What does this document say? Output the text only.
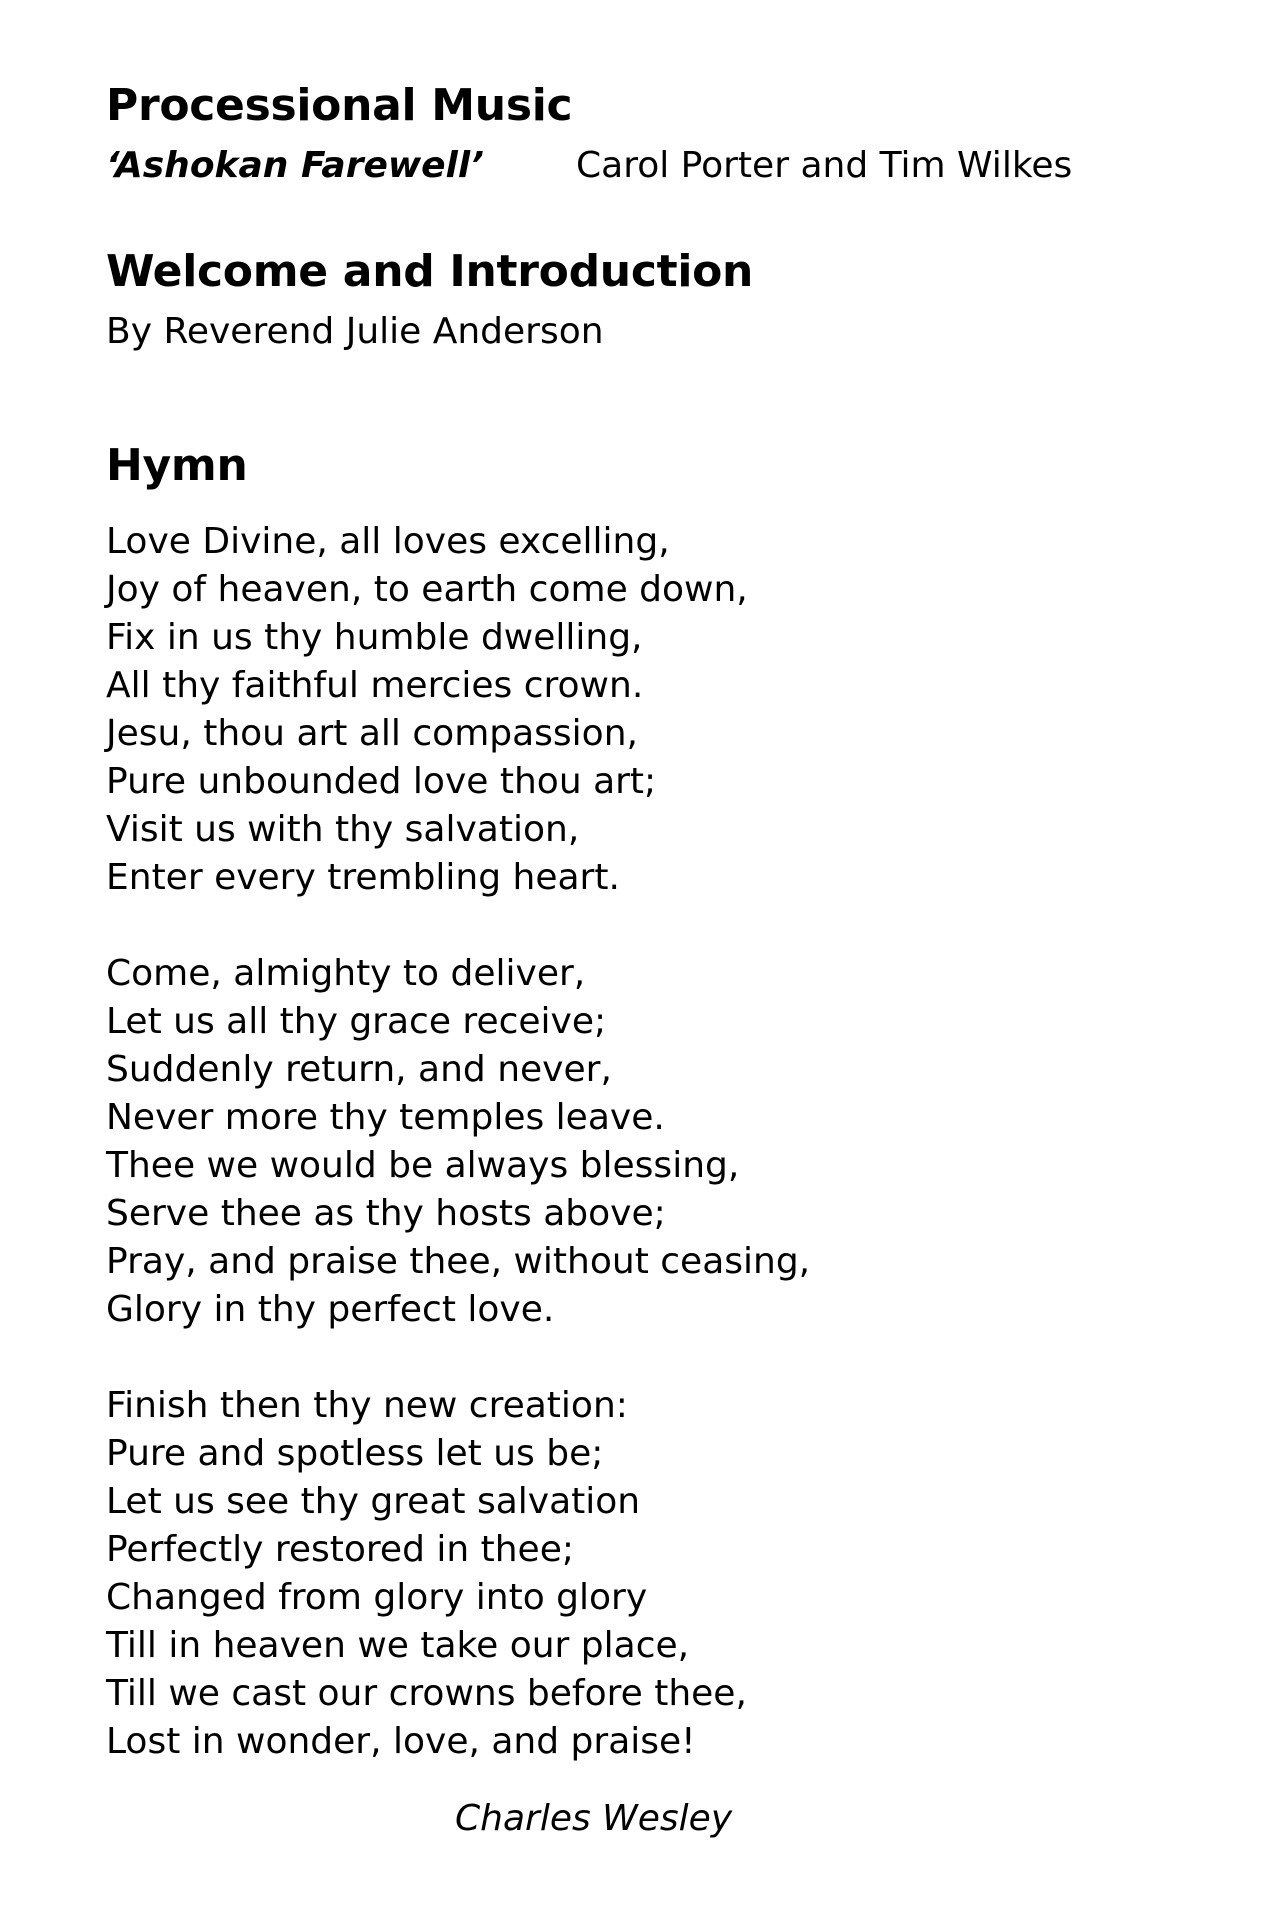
Processional Music
‘Ashokan Farewell’	Carol Porter and Tim Wilkes
Welcome and Introduction
By Reverend Julie Anderson
Hymn
Love Divine, all loves excelling,
Joy of heaven, to earth come down,
Fix in us thy humble dwelling,
All thy faithful mercies crown.
Jesu, thou art all compassion,
Pure unbounded love thou art;
Visit us with thy salvation,
Enter every trembling heart.
Come, almighty to deliver,
Let us all thy grace receive;
Suddenly return, and never,
Never more thy temples leave.
Thee we would be always blessing,
Serve thee as thy hosts above;
Pray, and praise thee, without ceasing,
Glory in thy perfect love.
Finish then thy new creation:
Pure and spotless let us be;
Let us see thy great salvation
Perfectly restored in thee;
Changed from glory into glory
Till in heaven we take our place,
Till we cast our crowns before thee,
Lost in wonder, love, and praise!
Charles Wesley
